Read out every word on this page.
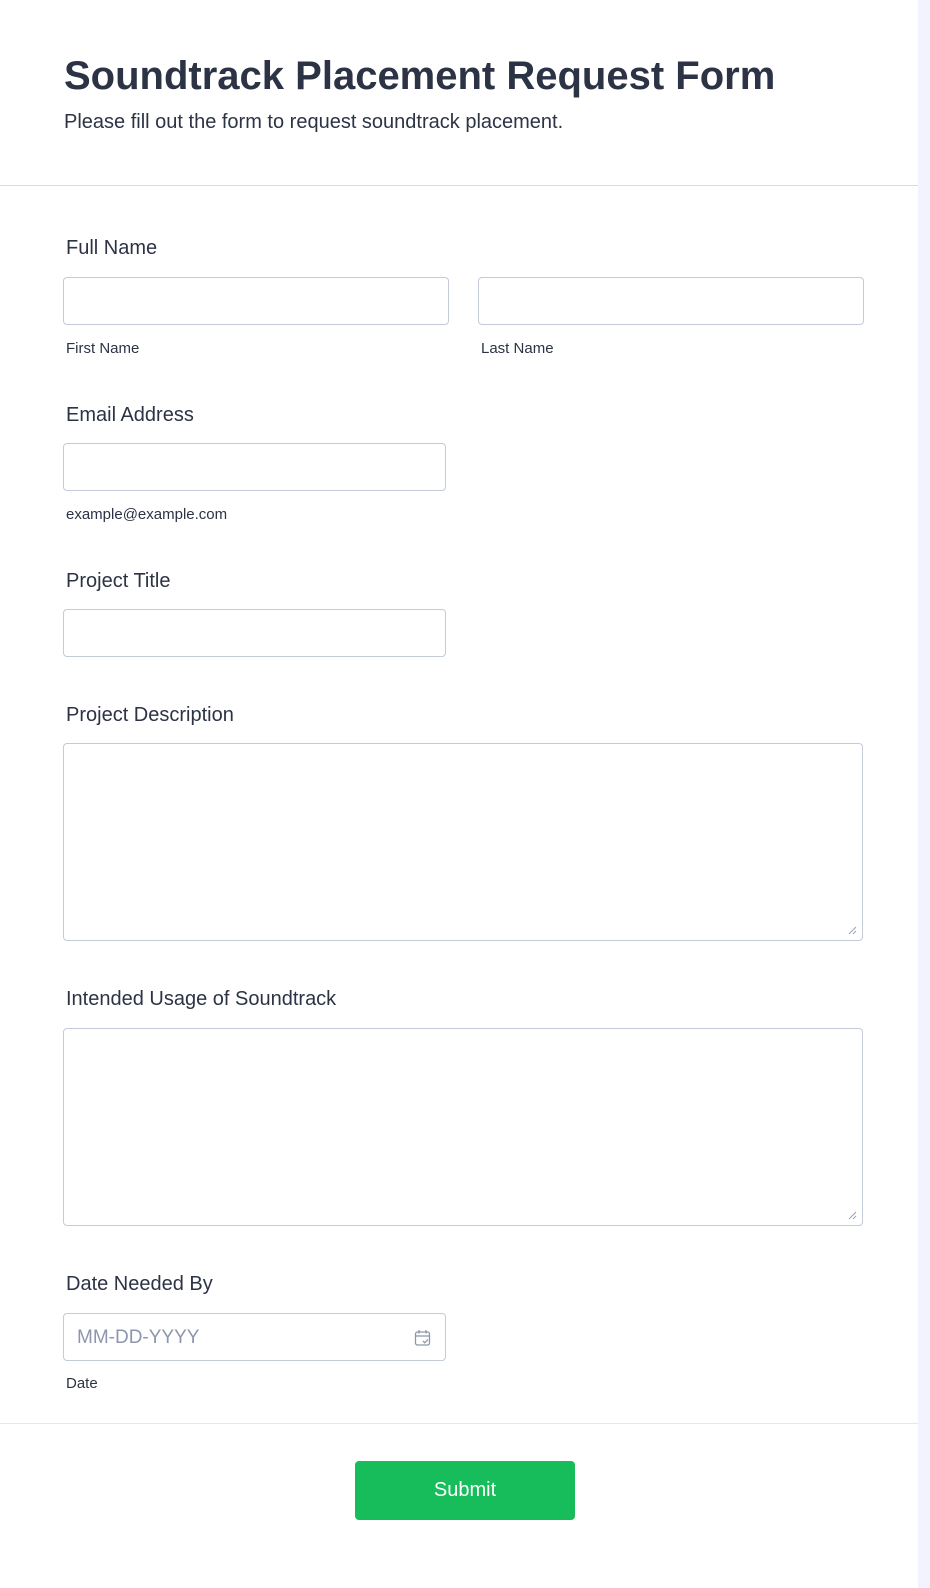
Soundtrack Placement Request Form

Please fill out the form to request soundtrack placement.

Full Name
First Name	Last Name
Email Address
example@example.com
Project Title
Project Description
Intended Usage of Soundtrack
Date Needed By
MM-DD-YYYY
Date
Submit
